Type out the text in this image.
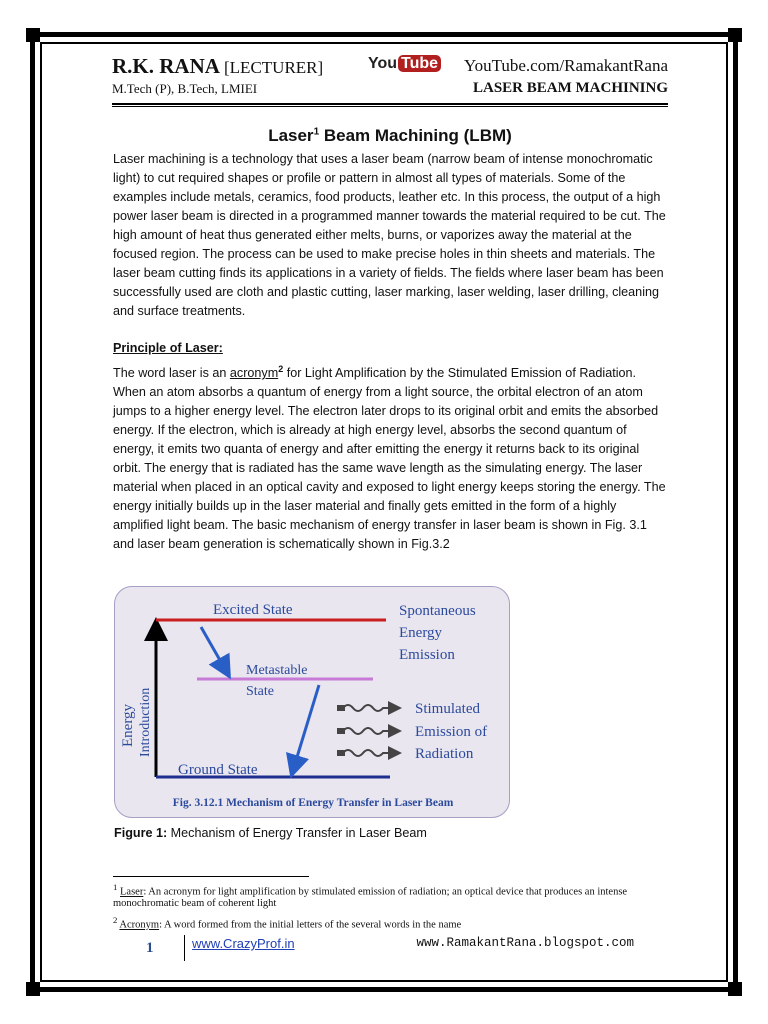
R.K. RANA [LECTURER]
M.Tech (P), B.Tech, LMIEI
You Tube YouTube.com/RamakantRana
LASER BEAM MACHINING
Laser$^1$ Beam Machining (LBM)
Laser machining is a technology that uses a laser beam (narrow beam of intense monochromatic light) to cut required shapes or profile or pattern in almost all types of materials. Some of the examples include metals, ceramics, food products, leather etc. In this process, the output of a high power laser beam is directed in a programmed manner towards the material required to be cut. The high amount of heat thus generated either melts, burns, or vaporizes away the material at the focused region. The process can be used to make precise holes in thin sheets and materials. The laser beam cutting finds its applications in a variety of fields. The fields where laser beam has been successfully used are cloth and plastic cutting, laser marking, laser welding, laser drilling, cleaning and surface treatments.
Principle of Laser:
The word laser is an acronym$^2$ for Light Amplification by the Stimulated Emission of Radiation. When an atom absorbs a quantum of energy from a light source, the orbital electron of an atom jumps to a higher energy level. The electron later drops to its original orbit and emits the absorbed energy. If the electron, which is already at high energy level, absorbs the second quantum of energy, it emits two quanta of energy and after emitting the energy it returns back to its original orbit. The energy that is radiated has the same wave length as the simulating energy. The laser material when placed in an optical cavity and exposed to light energy keeps storing the energy. The energy initially builds up in the laser material and finally gets emitted in the form of a highly amplified light beam. The basic mechanism of energy transfer in laser beam is shown in Fig. 3.1 and laser beam generation is schematically shown in Fig.3.2
Energy Introduction
Excited State
Metastable
State
Ground State
Spontaneous
Energy
Emission
Stimulated
Emission of
Radiation
Fig. 3.12.1 Mechanism of Energy Transfer in Laser Beam
Figure 1: Mechanism of Energy Transfer in Laser Beam
$^1$ Laser: An acronym for light amplification by stimulated emission of radiation; an optical device that produces an intense monochromatic beam of coherent light
$^2$ Acronym: A word formed from the initial letters of the several words in the name
1	www.CrazyProf.in	www.RamakantRana.blogspot.com
